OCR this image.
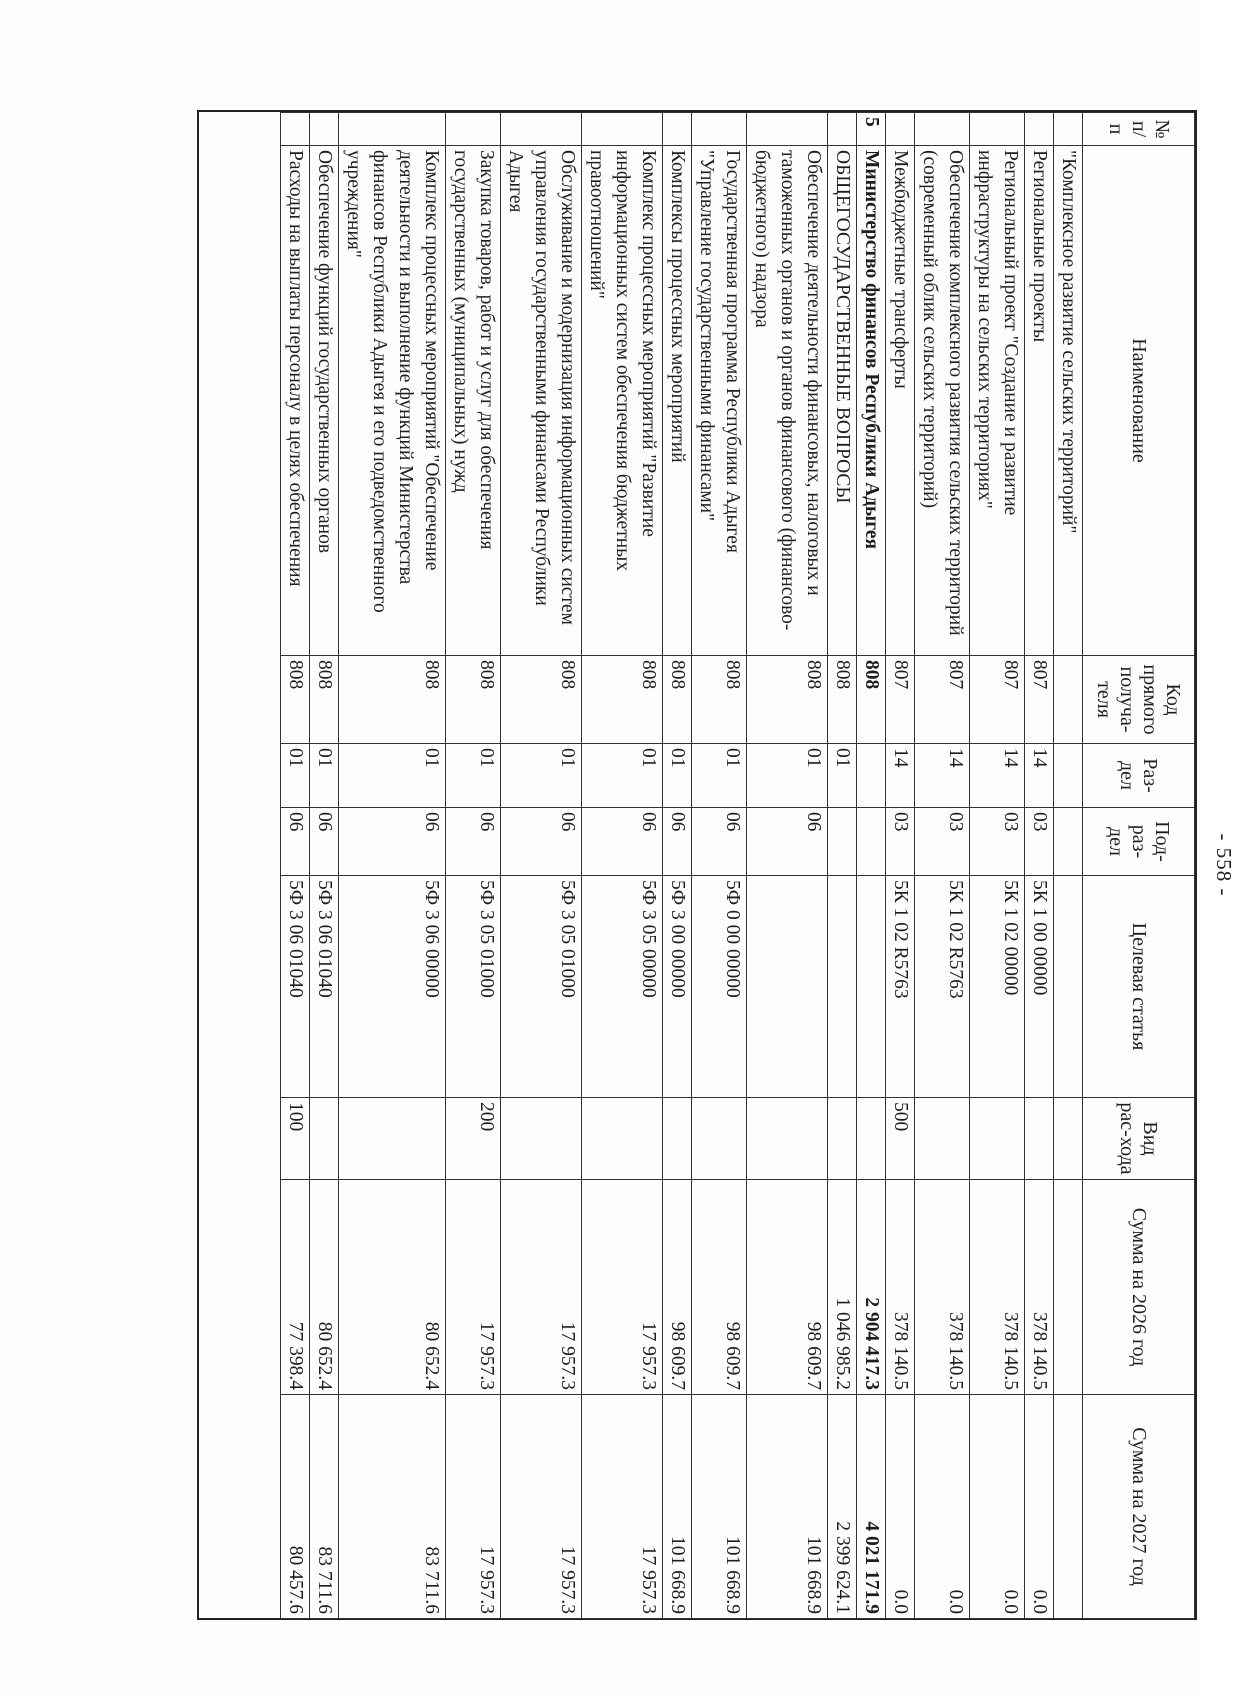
- 558 -
№ п/п	Наименование	Код прямого получа-теля	Раз-дел	Под-раз-дел	Целевая статья	Вид рас-хода	Сумма на 2026 год	Сумма на 2027 год
	"Комплексное развитие сельских территорий"							
	Региональные проекты	807	14	03	5К 1 00 00000		378 140.5	0.0
	Региональный проект "Создание и развитие инфраструктуры на сельских территориях"	807	14	03	5К 1 02 00000		378 140.5	0.0
	Обеспечение комплексного развития сельских территорий (современный облик сельских территорий)	807	14	03	5К 1 02 R5763		378 140.5	0.0
	Межбюджетные трансферты	807	14	03	5К 1 02 R5763	500	378 140.5	0.0
5	Министерство финансов Республики Адыгея	808					2 904 417.3	4 021 171.9
	ОБЩЕГОСУДАРСТВЕННЫЕ ВОПРОСЫ	808	01				1 046 985.2	2 399 624.1
	Обеспечение деятельности финансовых, налоговых и таможенных органов и органов финансового (финансово-бюджетного) надзора	808	01	06			98 609.7	101 668.9
	Государственная программа Республики Адыгея "Управление государственными финансами"	808	01	06	5Ф 0 00 00000		98 609.7	101 668.9
	Комплексы процессных мероприятий	808	01	06	5Ф 3 00 00000		98 609.7	101 668.9
	Комплекс процессных мероприятий "Развитие информационных систем обеспечения бюджетных правоотношений"	808	01	06	5Ф 3 05 00000		17 957.3	17 957.3
	Обслуживание и модернизация информационных систем управления государственными финансами Республики Адыгея	808	01	06	5Ф 3 05 01000		17 957.3	17 957.3
	Закупка товаров, работ и услуг для обеспечения государственных (муниципальных) нужд	808	01	06	5Ф 3 05 01000	200	17 957.3	17 957.3
	Комплекс процессных мероприятий "Обеспечение деятельности и выполнение функций Министерства финансов Республики Адыгея и его подведомственного учреждения"	808	01	06	5Ф 3 06 00000		80 652.4	83 711.6
	Обеспечение функций государственных органов	808	01	06	5Ф 3 06 01040		80 652.4	83 711.6
	Расходы на выплаты персоналу в целях обеспечения	808	01	06	5Ф 3 06 01040	100	77 398.4	80 457.6
